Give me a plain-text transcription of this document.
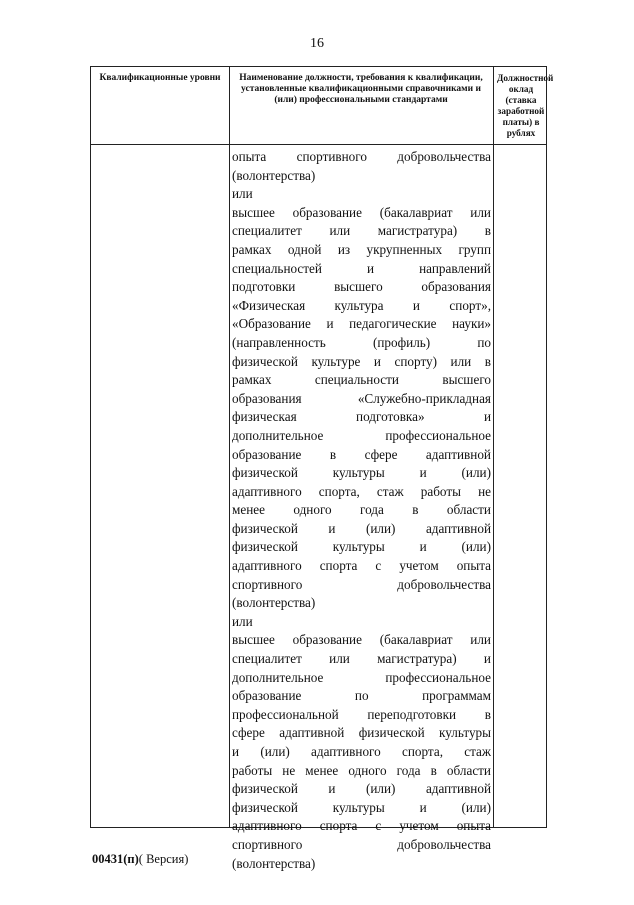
16
Квалификационные уровни	Наименование должности, требования к квалификации, установленные квалификационными справочниками и (или) профессиональными стандартами
Должностной оклад (ставка заработной платы) в рублях
опыта спортивного добровольчества
(волонтерства)
или
высшее образование (бакалавриат или
специалитет или магистратура) в
рамках одной из укрупненных групп
специальностей и направлений
подготовки высшего образования
«Физическая культура и спорт»,
«Образование и педагогические науки»
(направленность (профиль) по
физической культуре и спорту) или в
рамках специальности высшего
образования «Служебно-прикладная
физическая подготовка» и
дополнительное профессиональное
образование в сфере адаптивной
физической культуры и (или)
адаптивного спорта, стаж работы не
менее одного года в области
физической и (или) адаптивной
физической культуры и (или)
адаптивного спорта с учетом опыта
спортивного добровольчества
(волонтерства)
или
высшее образование (бакалавриат или
специалитет или магистратура) и
дополнительное профессиональное
образование по программам
профессиональной переподготовки в
сфере адаптивной физической культуры
и (или) адаптивного спорта, стаж
работы не менее одного года в области
физической и (или) адаптивной
физической культуры и (или)
адаптивного спорта с учетом опыта
спортивного добровольчества
(волонтерства)
00431(п)( Версия)
